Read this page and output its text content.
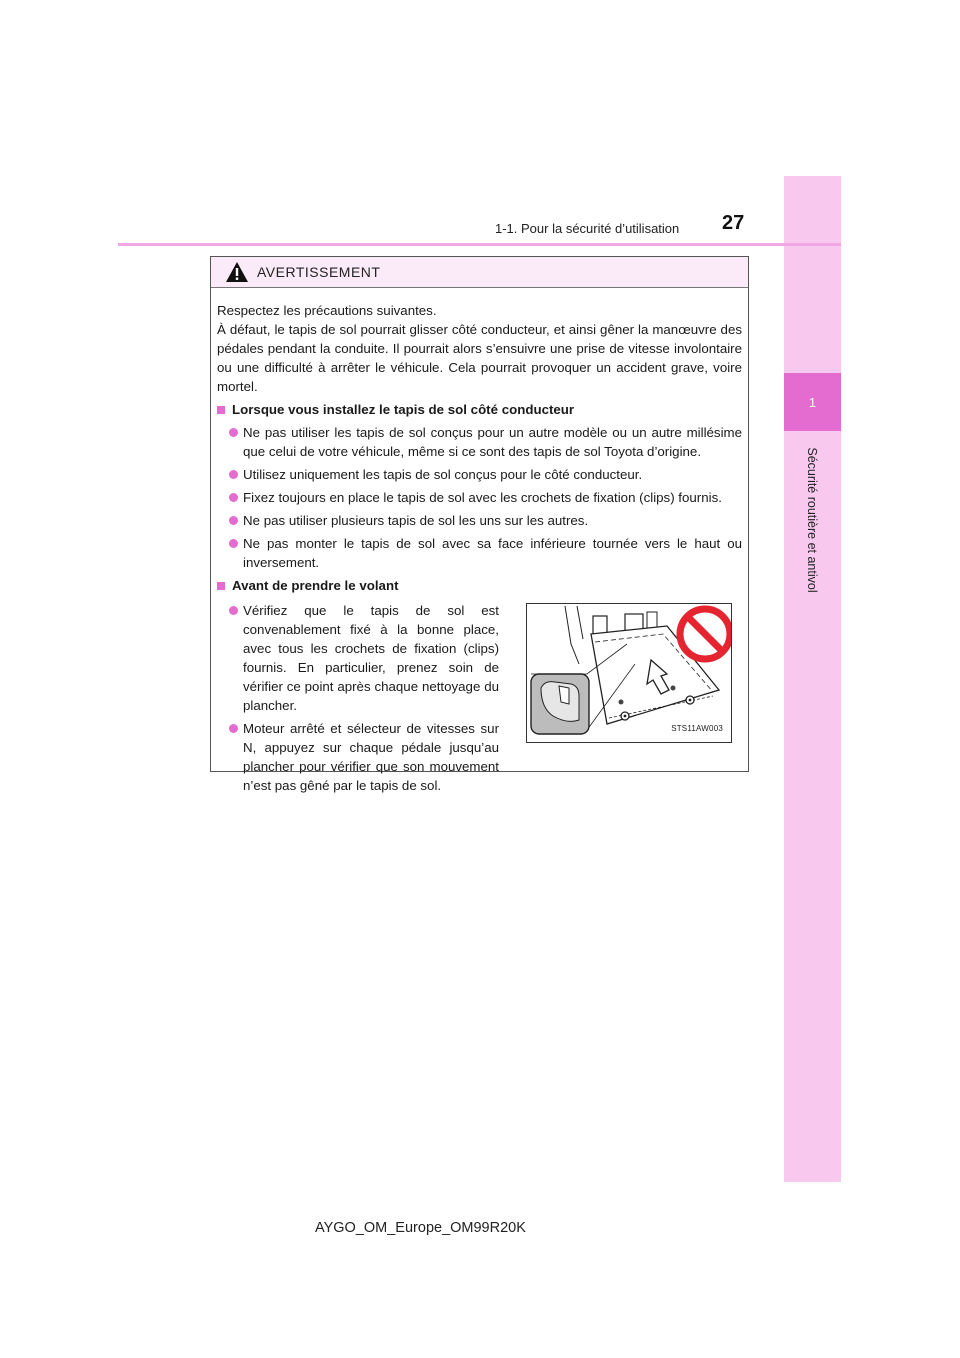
1
Sécurité routière et antivol
1-1. Pour la sécurité d’utilisation 27
AVERTISSEMENT
Respectez les précautions suivantes.
À défaut, le tapis de sol pourrait glisser côté conducteur, et ainsi gêner la manœuvre des pédales pendant la conduite. Il pourrait alors s’ensuivre une prise de vitesse involontaire ou une difficulté à arrêter le véhicule. Cela pourrait provoquer un accident grave, voire mortel.
Lorsque vous installez le tapis de sol côté conducteur
Ne pas utiliser les tapis de sol conçus pour un autre modèle ou un autre millésime que celui de votre véhicule, même si ce sont des tapis de sol Toyota d’origine.
Utilisez uniquement les tapis de sol conçus pour le côté conducteur.
Fixez toujours en place le tapis de sol avec les crochets de fixation (clips) fournis.
Ne pas utiliser plusieurs tapis de sol les uns sur les autres.
Ne pas monter le tapis de sol avec sa face inférieure tournée vers le haut ou inversement.
Avant de prendre le volant
Vérifiez que le tapis de sol est convenablement fixé à la bonne place, avec tous les crochets de fixation (clips) fournis. En particulier, prenez soin de vérifier ce point après chaque nettoyage du plancher.
Moteur arrêté et sélecteur de vitesses sur N, appuyez sur chaque pédale jusqu’au plancher pour vérifier que son mouvement n’est pas gêné par le tapis de sol.
STS11AW003
AYGO_OM_Europe_OM99R20K
